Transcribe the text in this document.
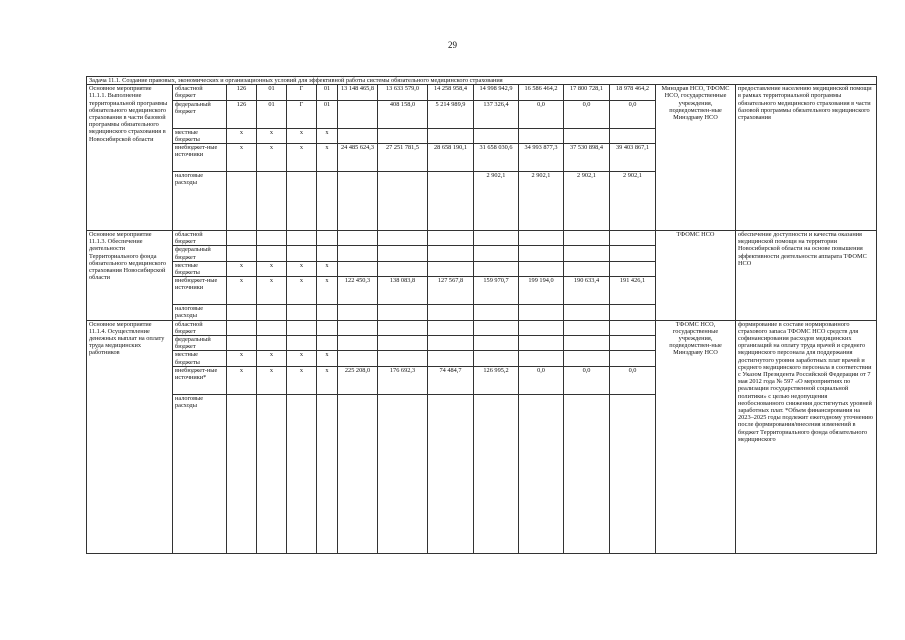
29
Задача 11.1. Создание правовых, экономических и организационных условий для эффективной работы системы обязательного медицинского страхования														
Основное мероприятие 11.1.1. Выполнение территориальной программы обязательного медицинского страхования в части базовой программы обязательного медицинского страхования в Новосибирской области	областной бюджет	126	01	Г	01	13 148 465,8	13 633 579,0	14 258 958,4	14 998 942,9	16 586 464,2	17 800 728,1	18 978 464,2	Минздрав НСО, ТФОМС НСО, государственные учреждения, подведомствен-ные Минздраву НСО	предоставление населению медицинской помощи в рамках территориальной программы обязательного медицинского страхования в части базовой программы обязательного медицинского страхования
	федеральный бюджет	126	01	Г	01		408 158,0	5 214 989,9	137 326,4	0,0	0,0	0,0		
	местные бюджеты	x	x	x	x									
	внебюджет-ные источники	x	x	x	x	24 485 624,3	27 251 781,5	28 658 190,1	31 658 030,6	34 993 877,3	37 530 898,4	39 403 867,1		
	налоговые расходы								2 902,1	2 902,1	2 902,1	2 902,1		
Основное мероприятие 11.1.3. Обеспечение деятельности Территориального фонда обязательного медицинского страхования Новосибирской области	областной бюджет												ТФОМС НСО	обеспечение доступности и качества оказания медицинской помощи на территории Новосибирской области на основе повышения эффективности деятельности аппарата ТФОМС НСО
	федеральный бюджет													
	местные бюджеты	x	x	x	x									
	внебюджет-ные источники	x	x	x	x	122 450,3	138 083,8	127 567,8	159 970,7	199 194,0	190 633,4	191 426,1		
	налоговые расходы													
Основное мероприятие 11.1.4. Осуществление денежных выплат на оплату труда медицинских работников	областной бюджет												ТФОМС НСО, государственные учреждения, подведомствен-ные Минздраву НСО	формирование в составе нормированного страхового запаса ТФОМС НСО средств для софинансирования расходов медицинских организаций на оплату труда врачей и среднего медицинского персонала для поддержания достигнутого уровня заработных плат врачей и среднего медицинского персонала в соответствии с Указом Президента Российской Федерации от 7 мая 2012 года № 597 «О мероприятиях по реализации государственной социальной политики» с целью недопущения необоснованного снижения достигнутых уровней заработных плат. *Объем финансирования на 2023–2025 годы подлежит ежегодному уточнению после формирования/внесения изменений в бюджет Территориального фонда обязательного медицинского
	федеральный бюджет													
	местные бюджеты	x	x	x	x									
	внебюджет-ные источники*	x	x	x	x	225 208,0	176 692,3	74 484,7	126 995,2	0,0	0,0	0,0		
	налоговые расходы													
